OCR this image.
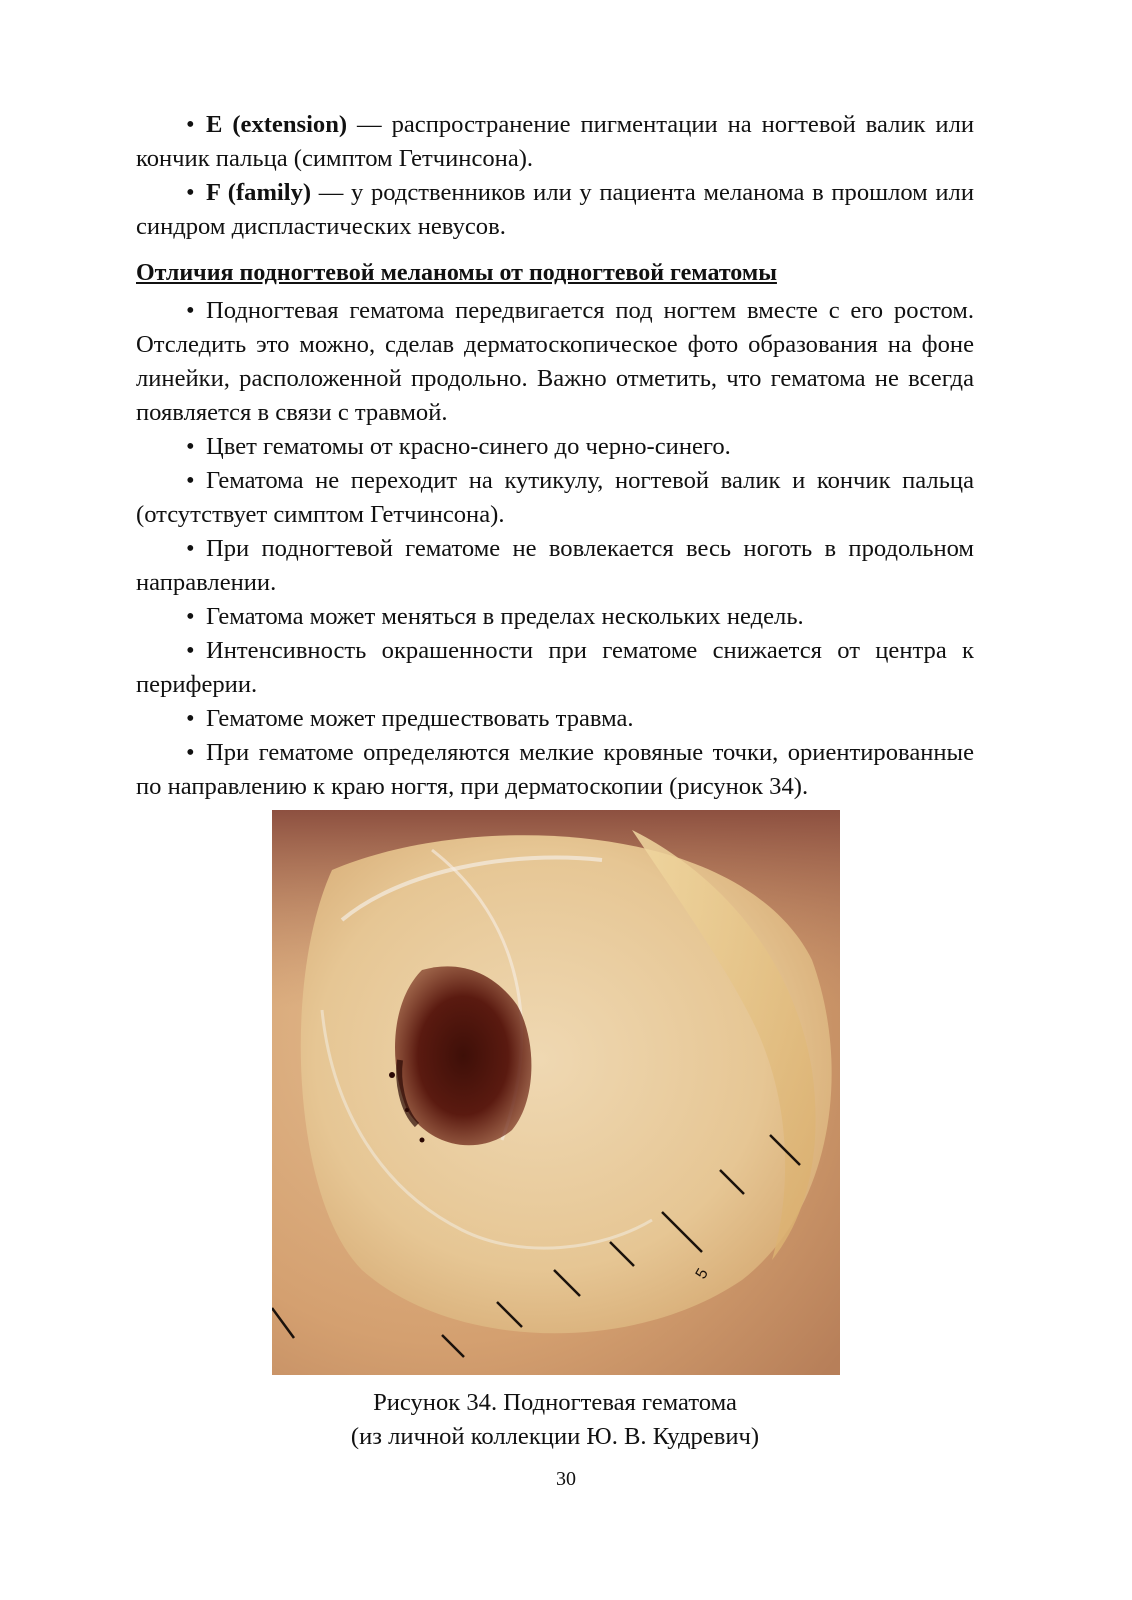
• E (extension) — распространение пигментации на ногтевой валик или кончик пальца (симптом Гетчинсона).

• F (family) — у родственников или у пациента меланома в прошлом или синдром диспластических невусов.

Отличия подногтевой меланомы от подногтевой гематомы

• Подногтевая гематома передвигается под ногтем вместе с его ростом. Отследить это можно, сделав дерматоскопическое фото образования на фоне линейки, расположенной продольно. Важно отметить, что гематома не всегда появляется в связи с травмой.

• Цвет гематомы от красно-синего до черно-синего.

• Гематома не переходит на кутикулу, ногтевой валик и кончик пальца (отсутствует симптом Гетчинсона).

• При подногтевой гематоме не вовлекается весь ноготь в продольном направлении.

• Гематома может меняться в пределах нескольких недель.

• Интенсивность окрашенности при гематоме снижается от центра к периферии.

• Гематоме может предшествовать травма.

• При гематоме определяются мелкие кровяные точки, ориентированные по направлению к краю ногтя, при дерматоскопии (рисунок 34).

5
Рисунок 34. Подногтевая гематома
(из личной коллекции Ю. В. Кудревич)
30
